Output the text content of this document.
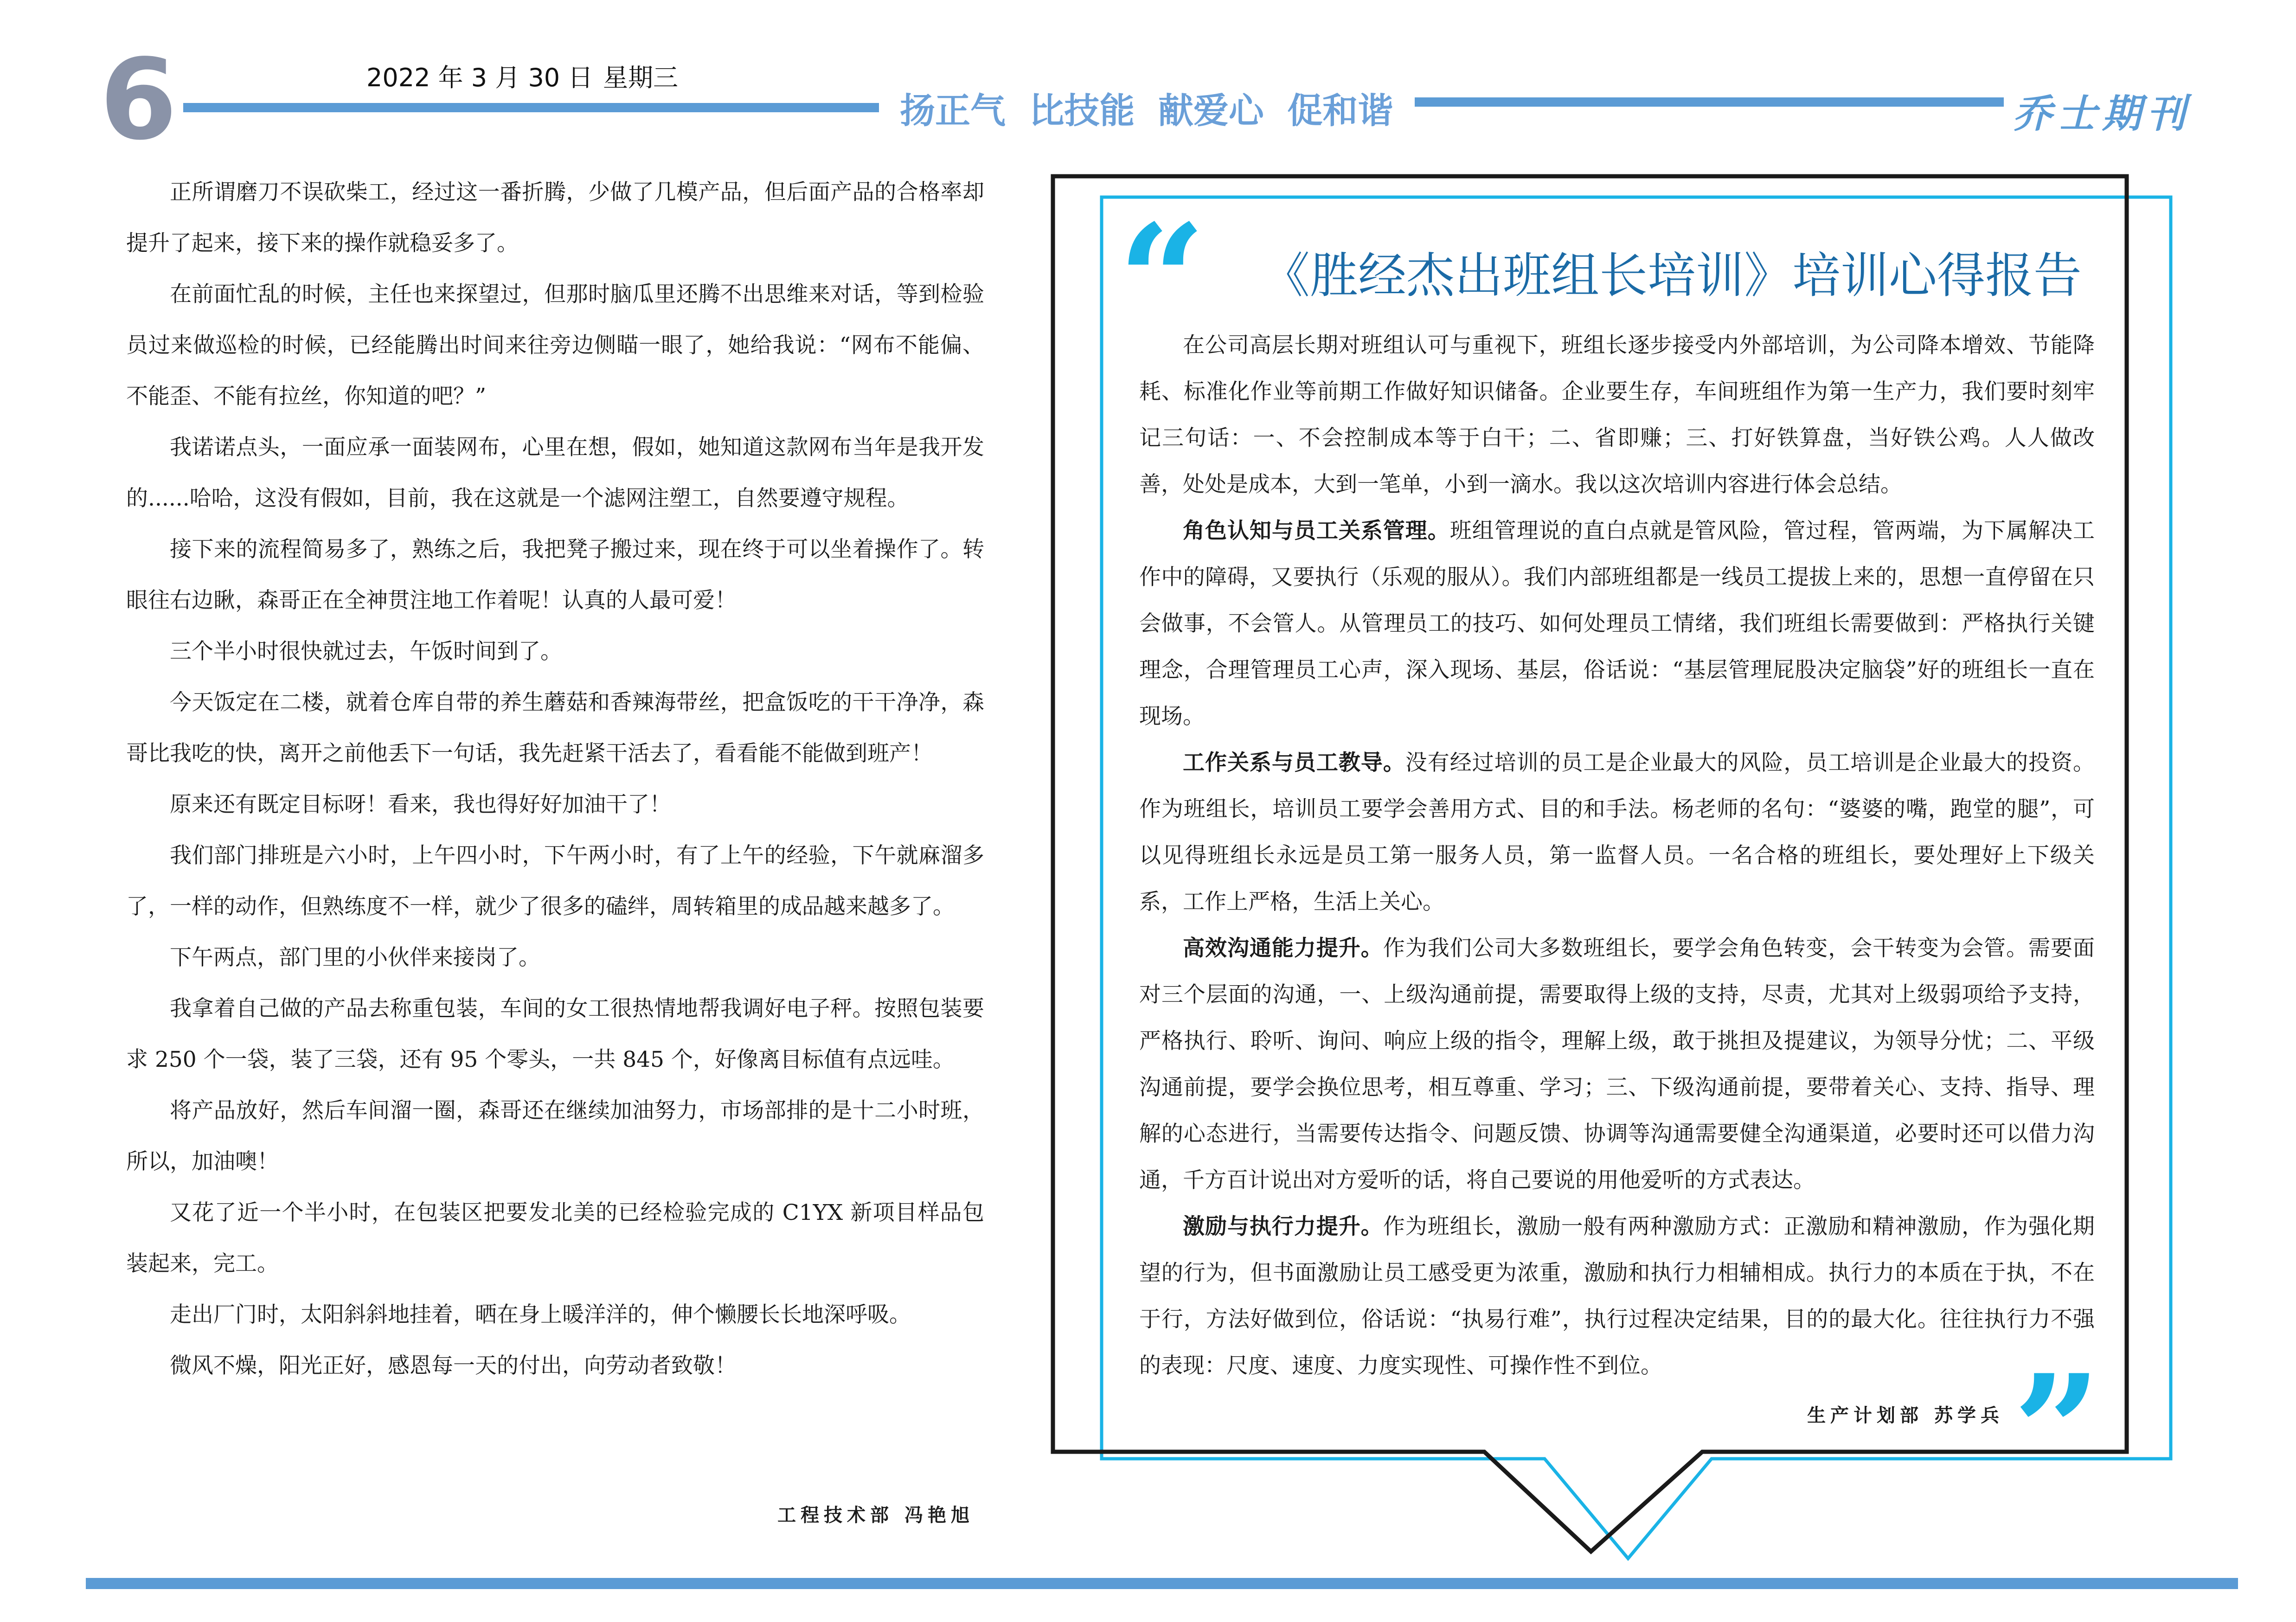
6	2022 年 3 月 30 日 星期三
扬正气 比技能 献爱心 促和谐	乔士期刊

正所谓磨刀不误砍柴工，经过这一番折腾，少做了几模产品，但后面产品的合格率却提升了起来，接下来的操作就稳妥多了。

在前面忙乱的时候，主任也来探望过，但那时脑瓜里还腾不出思维来对话，等到检验员过来做巡检的时候，已经能腾出时间来往旁边侧瞄一眼了，她给我说：“网布不能偏、不能歪、不能有拉丝，你知道的吧？”

我诺诺点头，一面应承一面装网布，心里在想，假如，她知道这款网布当年是我开发的......哈哈，这没有假如，目前，我在这就是一个滤网注塑工，自然要遵守规程。

接下来的流程简易多了，熟练之后，我把凳子搬过来，现在终于可以坐着操作了。转眼往右边瞅，森哥正在全神贯注地工作着呢！认真的人最可爱！

三个半小时很快就过去，午饭时间到了。

今天饭定在二楼，就着仓库自带的养生蘑菇和香辣海带丝，把盒饭吃的干干净净，森哥比我吃的快，离开之前他丢下一句话，我先赶紧干活去了，看看能不能做到班产！

原来还有既定目标呀！看来，我也得好好加油干了！

我们部门排班是六小时，上午四小时，下午两小时，有了上午的经验，下午就麻溜多了，一样的动作，但熟练度不一样，就少了很多的磕绊，周转箱里的成品越来越多了。

下午两点，部门里的小伙伴来接岗了。

我拿着自己做的产品去称重包装，车间的女工很热情地帮我调好电子秤。按照包装要求 250 个一袋，装了三袋，还有 95 个零头，一共 845 个，好像离目标值有点远哇。

将产品放好，然后车间溜一圈，森哥还在继续加油努力，市场部排的是十二小时班，所以，加油噢！

又花了近一个半小时，在包装区把要发北美的已经检验完成的 C1YX 新项目样品包装起来，完工。

走出厂门时，太阳斜斜地挂着，晒在身上暖洋洋的，伸个懒腰长长地深呼吸。

微风不燥，阳光正好，感恩每一天的付出，向劳动者致敬！

工程技术部 冯艳旭
“ 《胜经杰出班组长培训》培训心得报告

在公司高层长期对班组认可与重视下，班组长逐步接受内外部培训，为公司降本增效、节能降耗、标准化作业等前期工作做好知识储备。企业要生存，车间班组作为第一生产力，我们要时刻牢记三句话：一、不会控制成本等于白干；二、省即赚；三、打好铁算盘，当好铁公鸡。人人做改善，处处是成本，大到一笔单，小到一滴水。我以这次培训内容进行体会总结。

角色认知与员工关系管理。班组管理说的直白点就是管风险，管过程，管两端，为下属解决工作中的障碍，又要执行（乐观的服从）。我们内部班组都是一线员工提拔上来的，思想一直停留在只会做事，不会管人。从管理员工的技巧、如何处理员工情绪，我们班组长需要做到：严格执行关键理念，合理管理员工心声，深入现场、基层，俗话说：“基层管理屁股决定脑袋”好的班组长一直在现场。

工作关系与员工教导。没有经过培训的员工是企业最大的风险，员工培训是企业最大的投资。作为班组长，培训员工要学会善用方式、目的和手法。杨老师的名句：“婆婆的嘴，跑堂的腿”，可以见得班组长永远是员工第一服务人员，第一监督人员。一名合格的班组长，要处理好上下级关系，工作上严格，生活上关心。

高效沟通能力提升。作为我们公司大多数班组长，要学会角色转变，会干转变为会管。需要面对三个层面的沟通，一、上级沟通前提，需要取得上级的支持，尽责，尤其对上级弱项给予支持，严格执行、聆听、询问、响应上级的指令，理解上级，敢于挑担及提建议，为领导分忧；二、平级沟通前提，要学会换位思考，相互尊重、学习；三、下级沟通前提，要带着关心、支持、指导、理解的心态进行，当需要传达指令、问题反馈、协调等沟通需要健全沟通渠道，必要时还可以借力沟通，千方百计说出对方爱听的话，将自己要说的用他爱听的方式表达。

激励与执行力提升。作为班组长，激励一般有两种激励方式：正激励和精神激励，作为强化期望的行为，但书面激励让员工感受更为浓重，激励和执行力相辅相成。执行力的本质在于执，不在于行，方法好做到位，俗话说：“执易行难”，执行过程决定结果，目的的最大化。往往执行力不强的表现：尺度、速度、力度实现性、可操作性不到位。

生产计划部 苏学兵 ”
